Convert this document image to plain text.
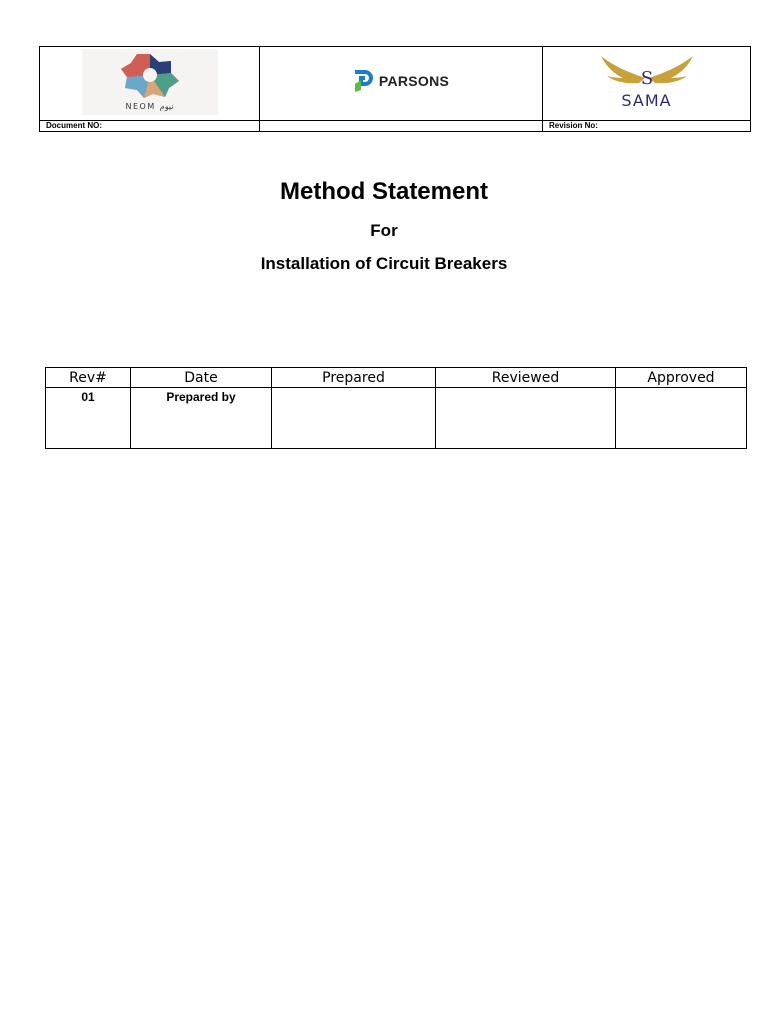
NEOM نيوم	PARSONS	S
SAMA

Document NO:		Revision No:
Method Statement
For
Installation of Circuit Breakers
Rev#	Date	Prepared	Reviewed	Approved
01	Prepared by			
